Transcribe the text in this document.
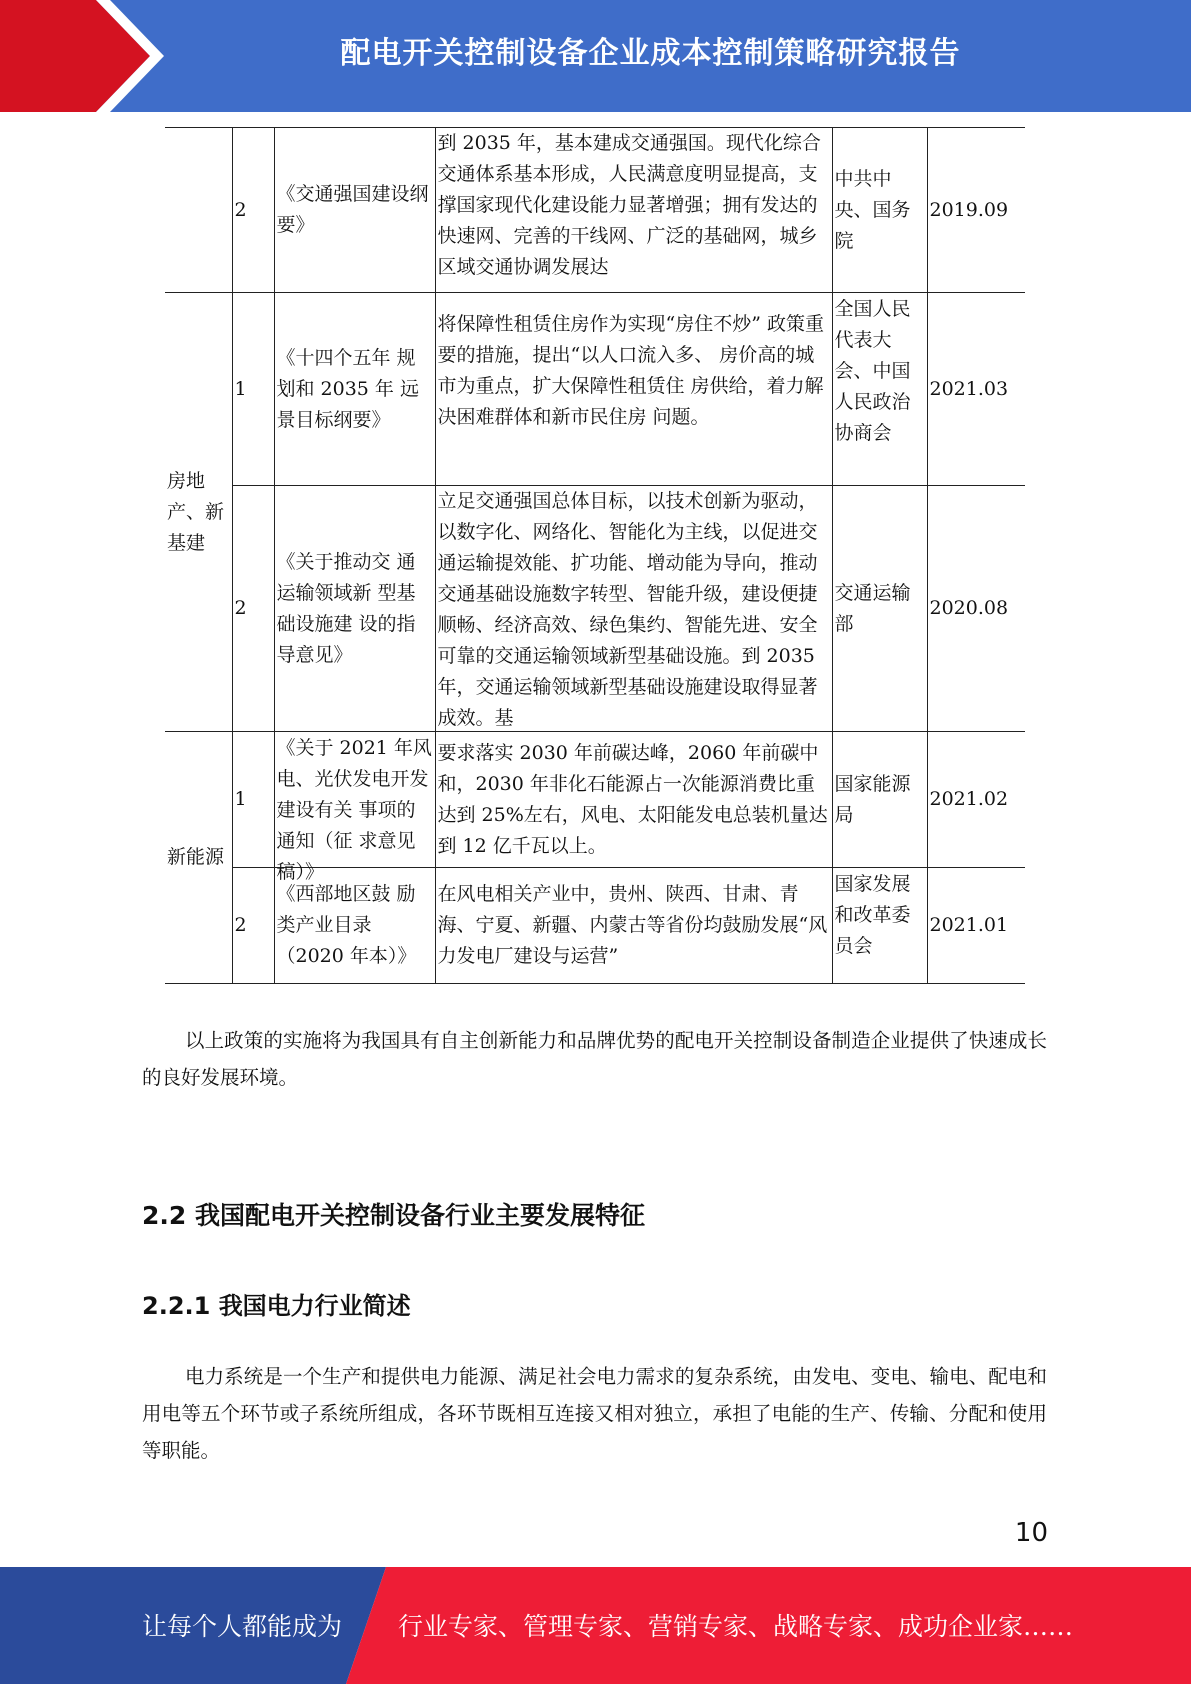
配电开关控制设备企业成本控制策略研究报告
	2	《交通强国建设纲要》	到 2035 年，基本建成交通强国。现代化综合交通体系基本形成，人民满意度明显提高，支撑国家现代化建设能力显著增强；拥有发达的快速网、完善的干线网、广泛的基础网，城乡区域交通协调发展达	中共中央、国务院	2019.09
房地产、新基建	1	《十四个五年 规划和 2035 年 远景目标纲要》	将保障性租赁住房作为实现“房住不炒” 政策重要的措施，提出“以人口流入多、 房价高的城市为重点，扩大保障性租赁住 房供给，着力解决困难群体和新市民住房 问题。	全国人民代表大会、中国人民政治协商会	2021.03
	2	《关于推动交 通运输领域新 型基础设施建 设的指导意见》	立足交通强国总体目标，以技术创新为驱动，以数字化、网络化、智能化为主线，以促进交通运输提效能、扩功能、增动能为导向，推动交通基础设施数字转型、智能升级，建设便捷顺畅、经济高效、绿色集约、智能先进、安全可靠的交通运输领域新型基础设施。到 2035 年，交通运输领域新型基础设施建设取得显著成效。基	交通运输部	2020.08
新能源	1	《关于 2021 年风电、光伏发电开发建设有关 事项的通知（征 求意见稿）》	要求落实 2030 年前碳达峰，2060 年前碳中和，2030 年非化石能源占一次能源消费比重达到 25%左右，风电、太阳能发电总装机量达到 12 亿千瓦以上。	国家能源局	2021.02
	2	《西部地区鼓 励类产业目录（2020 年本）》	在风电相关产业中，贵州、陕西、甘肃、青海、宁夏、新疆、内蒙古等省份均鼓励发展“风力发电厂建设与运营”	国家发展和改革委员会	2021.01

以上政策的实施将为我国具有自主创新能力和品牌优势的配电开关控制设备制造企业提供了快速成长的良好发展环境。

2.2 我国配电开关控制设备行业主要发展特征
2.2.1 我国电力行业简述

电力系统是一个生产和提供电力能源、满足社会电力需求的复杂系统，由发电、变电、输电、配电和用电等五个环节或子系统所组成，各环节既相互连接又相对独立，承担了电能的生产、传输、分配和使用等职能。

10
让每个人都能成为 行业专家、管理专家、营销专家、战略专家、成功企业家……
